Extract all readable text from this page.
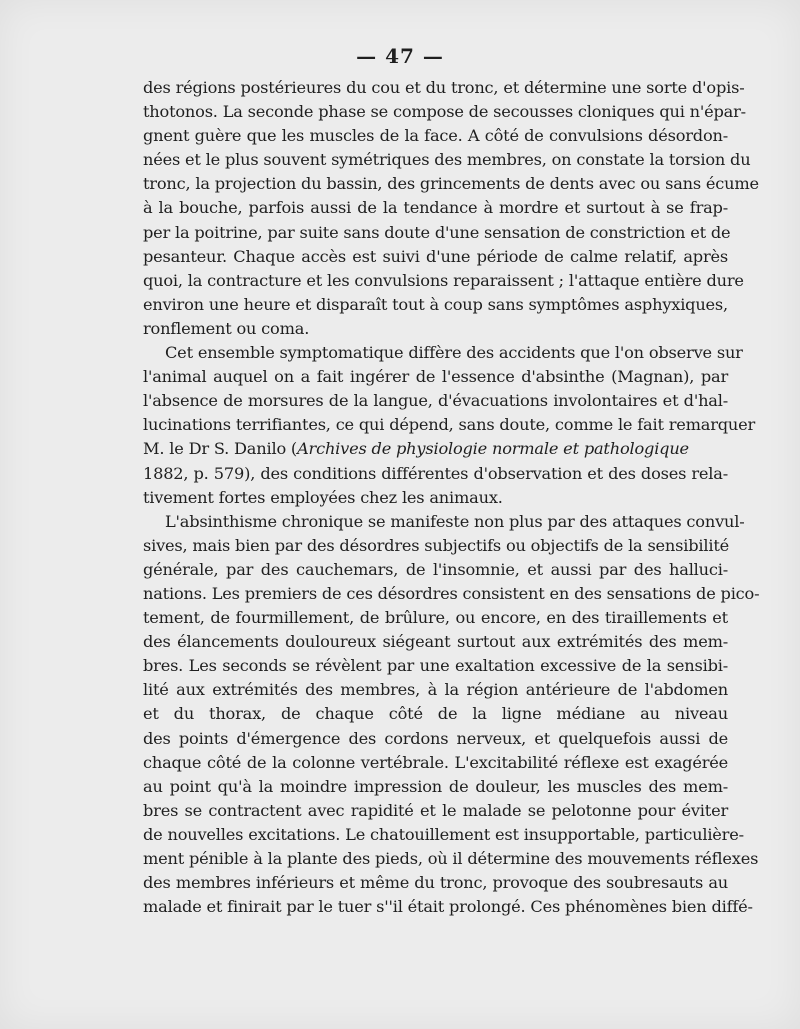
— 47 —
des régions postérieures du cou et du tronc, et détermine une sorte d'opis-
thotonos. La seconde phase se compose de secousses cloniques qui n'épar-
gnent guère que les muscles de la face. A côté de convulsions désordon-
nées et le plus souvent symétriques des membres, on constate la torsion du
tronc, la projection du bassin, des grincements de dents avec ou sans écume
à la bouche, parfois aussi de la tendance à mordre et surtout à se frap-
per la poitrine, par suite sans doute d'une sensation de constriction et de
pesanteur. Chaque accès est suivi d'une période de calme relatif, après
quoi, la contracture et les convulsions reparaissent ; l'attaque entière dure
environ une heure et disparaît tout à coup sans symptômes asphyxiques,
ronflement ou coma.
Cet ensemble symptomatique diffère des accidents que l'on observe sur
l'animal auquel on a fait ingérer de l'essence d'absinthe (Magnan), par
l'absence de morsures de la langue, d'évacuations involontaires et d'hal-
lucinations terrifiantes, ce qui dépend, sans doute, comme le fait remarquer
M. le Dr S. Danilo (Archives de physiologie normale et pathologique
1882, p. 579), des conditions différentes d'observation et des doses rela-
tivement fortes employées chez les animaux.
L'absinthisme chronique se manifeste non plus par des attaques convul-
sives, mais bien par des désordres subjectifs ou objectifs de la sensibilité
générale, par des cauchemars, de l'insomnie, et aussi par des halluci-
nations. Les premiers de ces désordres consistent en des sensations de pico-
tement, de fourmillement, de brûlure, ou encore, en des tiraillements et
des élancements douloureux siégeant surtout aux extrémités des mem-
bres. Les seconds se révèlent par une exaltation excessive de la sensibi-
lité aux extrémités des membres, à la région antérieure de l'abdomen
et du thorax, de chaque côté de la ligne médiane au niveau
des points d'émergence des cordons nerveux, et quelquefois aussi de
chaque côté de la colonne vertébrale. L'excitabilité réflexe est exagérée
au point qu'à la moindre impression de douleur, les muscles des mem-
bres se contractent avec rapidité et le malade se pelotonne pour éviter
de nouvelles excitations. Le chatouillement est insupportable, particulière-
ment pénible à la plante des pieds, où il détermine des mouvements réflexes
des membres inférieurs et même du tronc, provoque des soubresauts au
malade et finirait par le tuer s''il était prolongé. Ces phénomènes bien diffé-
